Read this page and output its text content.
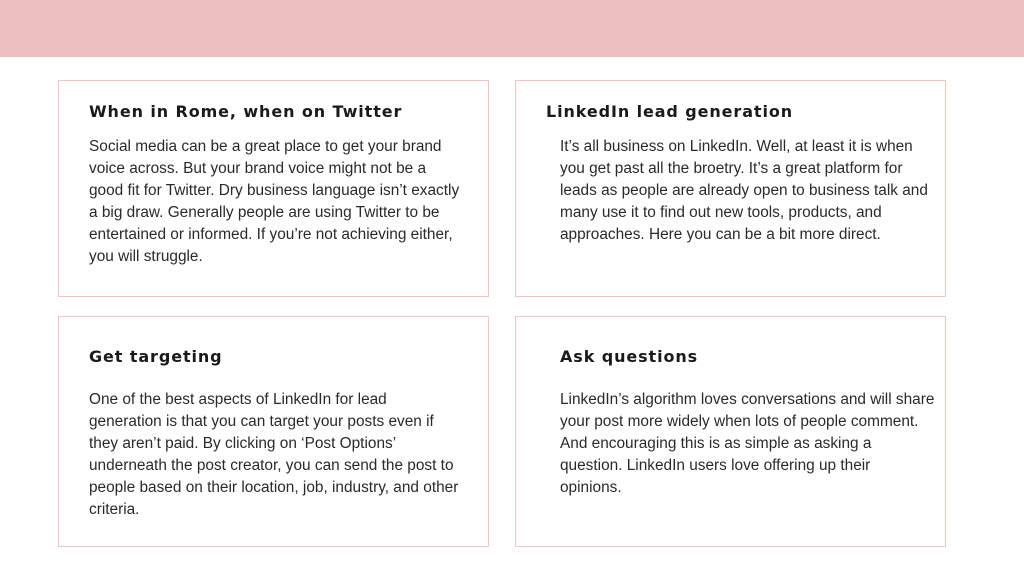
When in Rome, when on Twitter

Social media can be a great place to get your brand voice across. But your brand voice might not be a good fit for Twitter. Dry business language isn’t exactly a big draw. Generally people are using Twitter to be entertained or informed. If you’re not achieving either, you will struggle.

LinkedIn lead generation

It’s all business on LinkedIn. Well, at least it is when you get past all the broetry. It’s a great platform for leads as people are already open to business talk and many use it to find out new tools, products, and approaches. Here you can be a bit more direct.

Get targeting

One of the best aspects of LinkedIn for lead generation is that you can target your posts even if they aren’t paid. By clicking on ‘Post Options’ underneath the post creator, you can send the post to people based on their location, job, industry, and other criteria.

Ask questions

LinkedIn’s algorithm loves conversations and will share your post more widely when lots of people comment. And encouraging this is as simple as asking a question. LinkedIn users love offering up their opinions.
